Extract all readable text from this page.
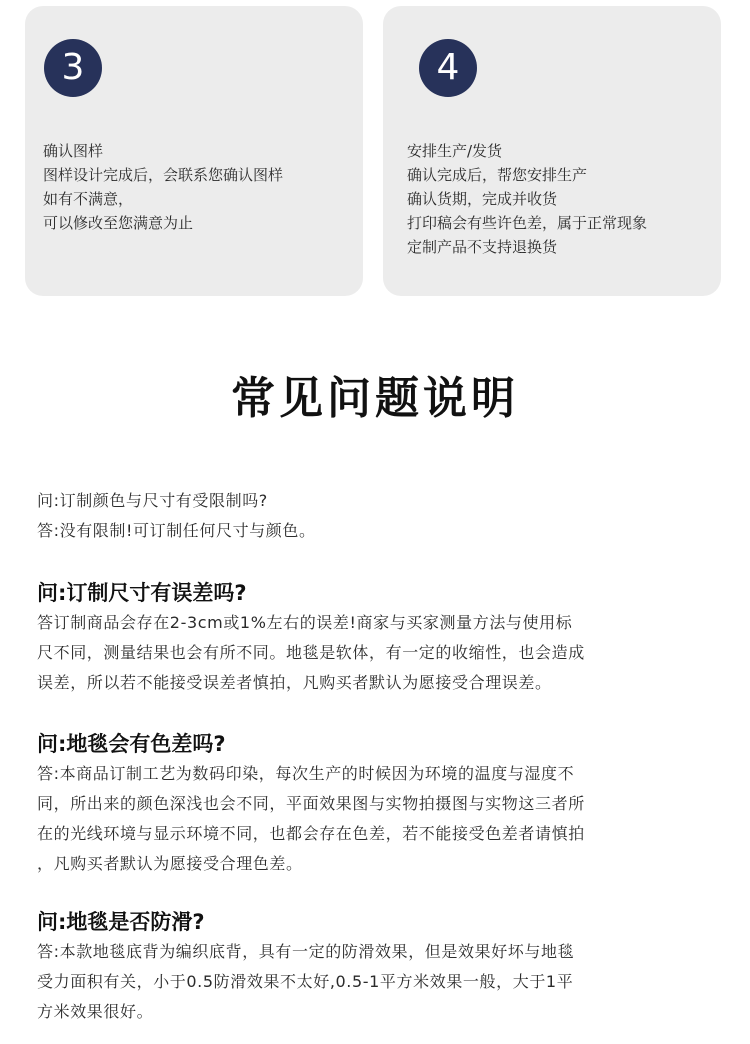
3
确认图样
图样设计完成后，会联系您确认图样
如有不满意，
可以修改至您满意为止
4
安排生产/发货
确认完成后，帮您安排生产
确认货期，完成并收货
打印稿会有些许色差，属于正常现象
定制产品不支持退换货
常见问题说明
问:订制颜色与尺寸有受限制吗?
答:没有限制!可订制任何尺寸与颜色。
问:订制尺寸有误差吗?
答订制商品会存在2-3cm或1%左右的误差!商家与买家测量方法与使用标
尺不同，测量结果也会有所不同。地毯是软体，有一定的收缩性，也会造成
误差，所以若不能接受误差者慎拍，凡购买者默认为愿接受合理误差。
问:地毯会有色差吗?
答:本商品订制工艺为数码印染，每次生产的时候因为环境的温度与湿度不
同，所出来的颜色深浅也会不同，平面效果图与实物拍摄图与实物这三者所
在的光线环境与显示环境不同，也都会存在色差，若不能接受色差者请慎拍
，凡购买者默认为愿接受合理色差。
问:地毯是否防滑?
答:本款地毯底背为编织底背，具有一定的防滑效果，但是效果好坏与地毯
受力面积有关，小于0.5防滑效果不太好,0.5-1平方米效果一般，大于1平
方米效果很好。
